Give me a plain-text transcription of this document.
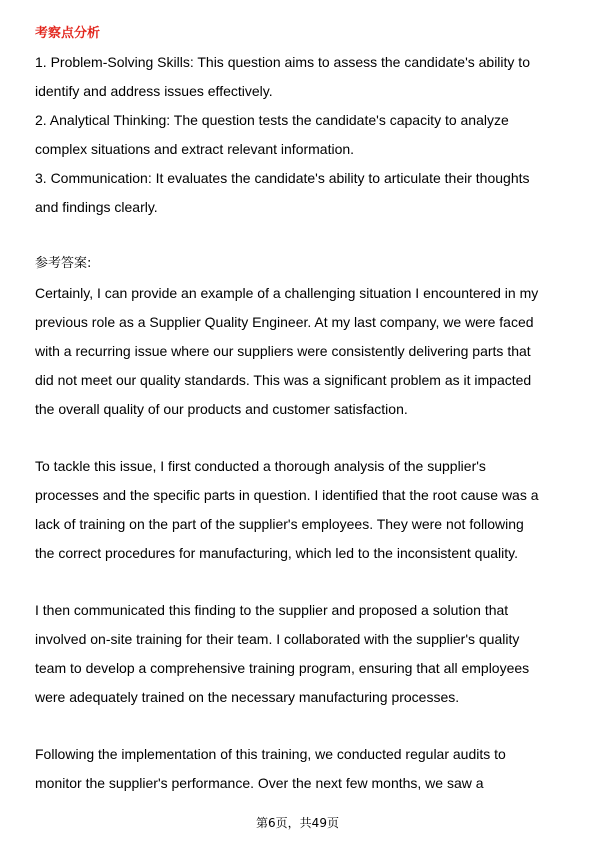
考察点分析
1. Problem-Solving Skills: This question aims to assess the candidate's ability to
identify and address issues effectively.
2. Analytical Thinking: The question tests the candidate's capacity to analyze
complex situations and extract relevant information.
3. Communication: It evaluates the candidate's ability to articulate their thoughts
and findings clearly.
参考答案:
Certainly, I can provide an example of a challenging situation I encountered in my
previous role as a Supplier Quality Engineer. At my last company, we were faced
with a recurring issue where our suppliers were consistently delivering parts that
did not meet our quality standards. This was a significant problem as it impacted
the overall quality of our products and customer satisfaction.
To tackle this issue, I first conducted a thorough analysis of the supplier's
processes and the specific parts in question. I identified that the root cause was a
lack of training on the part of the supplier's employees. They were not following
the correct procedures for manufacturing, which led to the inconsistent quality.
I then communicated this finding to the supplier and proposed a solution that
involved on-site training for their team. I collaborated with the supplier's quality
team to develop a comprehensive training program, ensuring that all employees
were adequately trained on the necessary manufacturing processes.
Following the implementation of this training, we conducted regular audits to
monitor the supplier's performance. Over the next few months, we saw a
第6页，共49页
